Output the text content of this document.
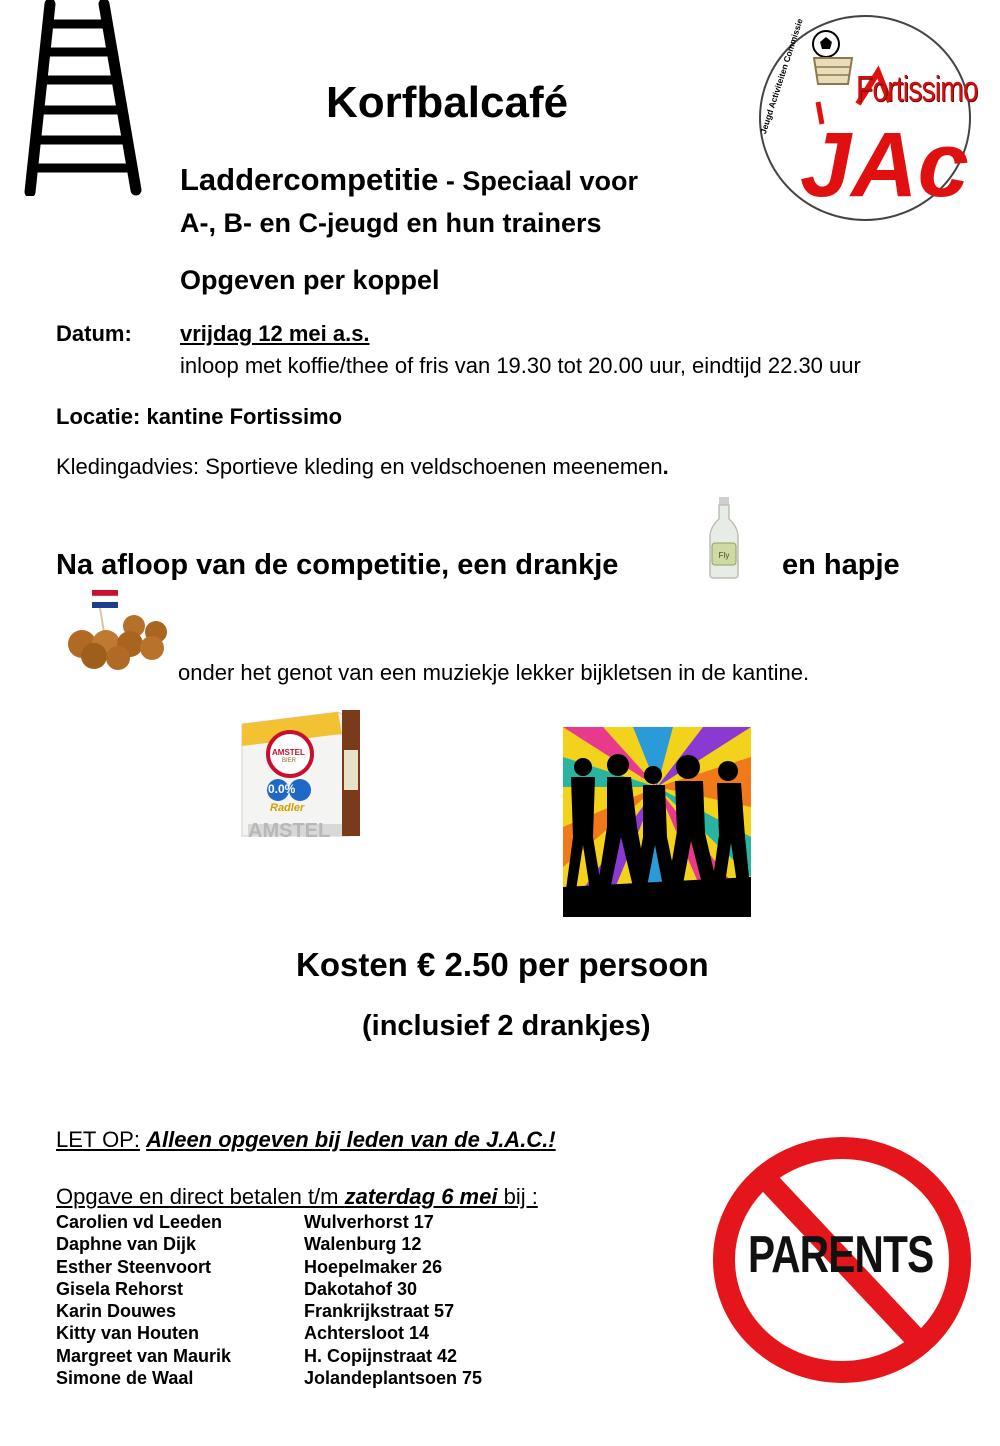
Korfbalcafé
Laddercompetitie - Speciaal voor
A-, B- en C-jeugd en hun trainers
Opgeven per koppel
JAc
Fortissimo
Jeugd Activiteiten Commissie
Datum: vrijdag 12 mei a.s.
inloop met koffie/thee of fris van 19.30 tot 20.00 uur, eindtijd 22.30 uur
Locatie: kantine Fortissimo
Kledingadvies: Sportieve kleding en veldschoenen meenemen.
Na afloop van de competitie, een drankje	Fly en hapje
onder het genot van een muziekje lekker bijkletsen in de kantine.
AMSTEL
BIER
0.0%
Radler
AMSTEL
Kosten € 2.50 per persoon
(inclusief 2 drankjes)
LET OP: Alleen opgeven bij leden van de J.A.C.!
Opgave en direct betalen t/m zaterdag 6 mei bij :
Carolien vd Leeden
Daphne van Dijk
Esther Steenvoort
Gisela Rehorst
Karin Douwes
Kitty van Houten
Margreet van Maurik
Simone de Waal
Wulverhorst 17
Walenburg 12
Hoepelmaker 26
Dakotahof 30
Frankrijkstraat 57
Achtersloot 14
H. Copijnstraat 42
Jolandeplantsoen 75
PARENTS
